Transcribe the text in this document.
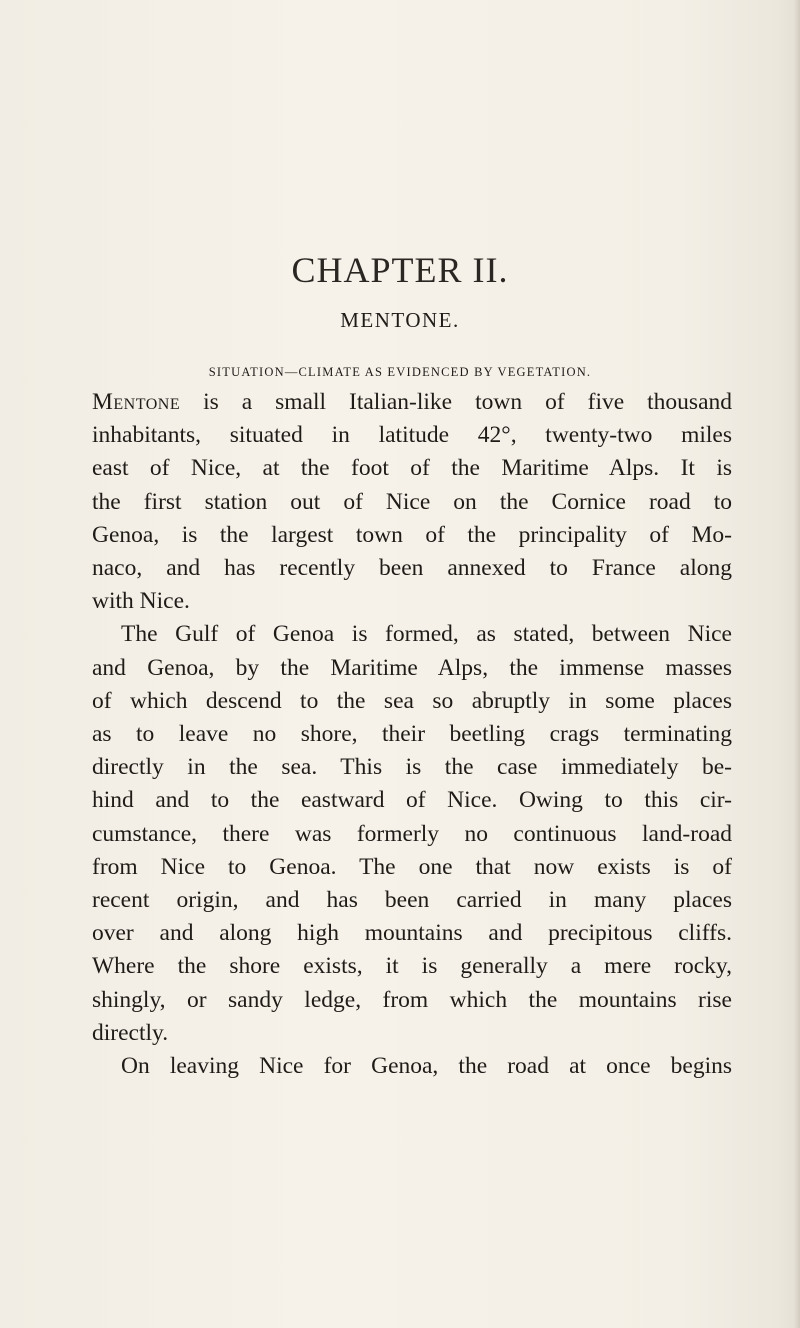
CHAPTER II.
MENTONE.
SITUATION—CLIMATE AS EVIDENCED BY VEGETATION.
Mentone is a small Italian-like town of five thousand
inhabitants, situated in latitude 42°, twenty-two miles
east of Nice, at the foot of the Maritime Alps. It is
the first station out of Nice on the Cornice road to
Genoa, is the largest town of the principality of Mo-
naco, and has recently been annexed to France along
with Nice.
The Gulf of Genoa is formed, as stated, between Nice
and Genoa, by the Maritime Alps, the immense masses
of which descend to the sea so abruptly in some places
as to leave no shore, their beetling crags terminating
directly in the sea. This is the case immediately be-
hind and to the eastward of Nice. Owing to this cir-
cumstance, there was formerly no continuous land-road
from Nice to Genoa. The one that now exists is of
recent origin, and has been carried in many places
over and along high mountains and precipitous cliffs.
Where the shore exists, it is generally a mere rocky,
shingly, or sandy ledge, from which the mountains rise
directly.
On leaving Nice for Genoa, the road at once begins
